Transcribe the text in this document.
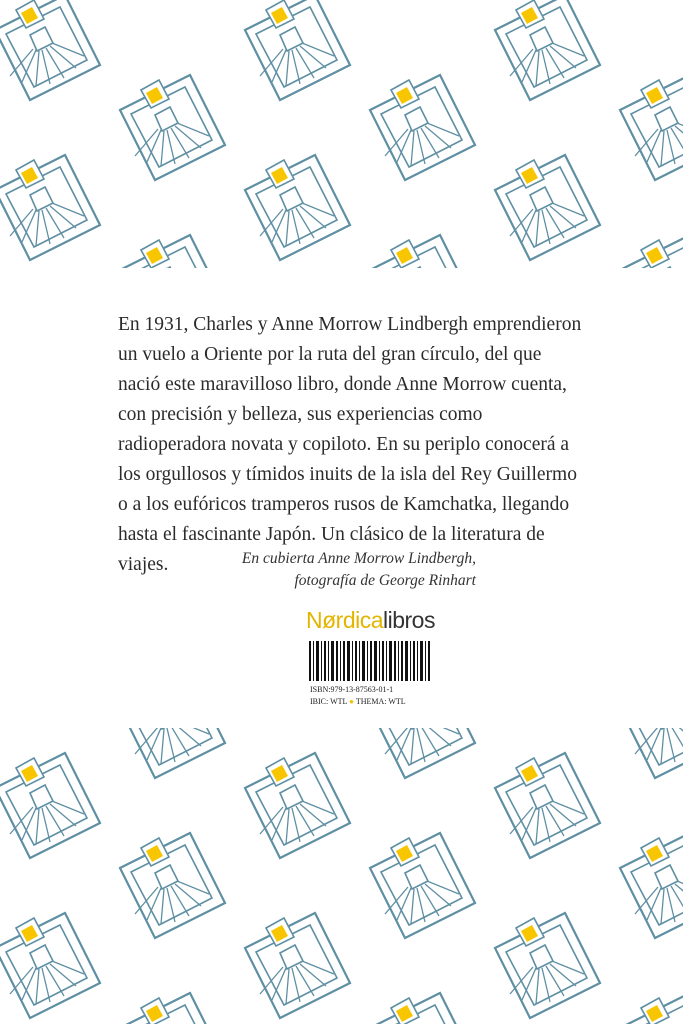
En 1931, Charles y Anne Morrow Lindbergh emprendieron un vuelo a Oriente por la ruta del gran círculo, del que nació este maravilloso libro, donde Anne Morrow cuenta, con precisión y belleza, sus experiencias como radioperadora novata y copiloto. En su periplo conocerá a los orgullosos y tímidos inuits de la isla del Rey Guillermo o a los eufóricos tramperos rusos de Kamchatka, llegando hasta el fascinante Japón. Un clásico de la literatura de viajes.	En cubierta Anne Morrow Lindbergh,
fotografía de George Rinhart

Nørdicalibros
ISBN:979-13-87563-01-1
IBIC: WTL ● THEMA: WTL
